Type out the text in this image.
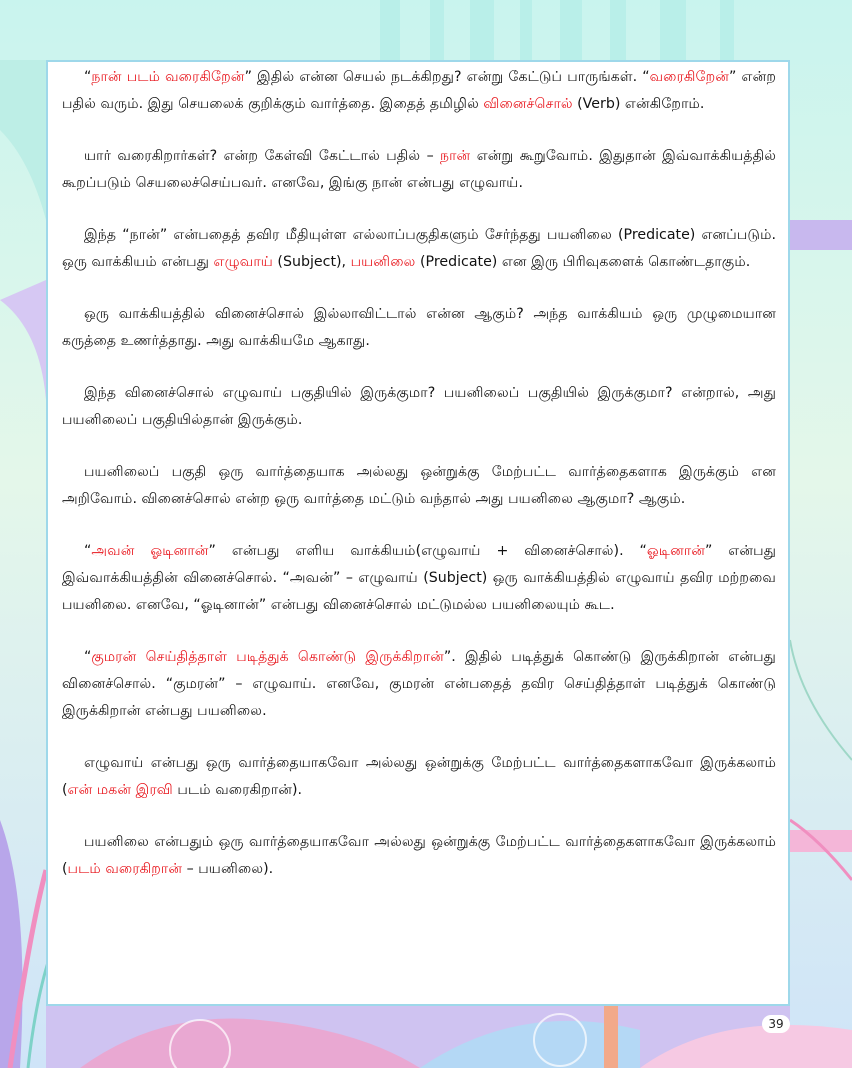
“நான் படம் வரைகிறேன்” இதில் என்ன செயல் நடக்கிறது? என்று கேட்டுப் பாருங்கள். “வரைகிறேன்” என்ற பதில் வரும். இது செயலைக் குறிக்கும் வார்த்தை. இதைத் தமிழில் வினைச்சொல் (Verb) என்கிறோம்.

யார் வரைகிறார்கள்? என்ற கேள்வி கேட்டால் பதில் – நான் என்று கூறுவோம். இதுதான் இவ்வாக்கியத்தில் கூறப்படும் செயலைச்செய்பவர். எனவே, இங்கு நான் என்பது எழுவாய்.

இந்த “நான்” என்பதைத் தவிர மீதியுள்ள எல்லாப்பகுதிகளும் சேர்ந்தது பயனிலை (Predicate) எனப்படும். ஒரு வாக்கியம் என்பது எழுவாய் (Subject), பயனிலை (Predicate) என இரு பிரிவுகளைக் கொண்டதாகும்.

ஒரு வாக்கியத்தில் வினைச்சொல் இல்லாவிட்டால் என்ன ஆகும்? அந்த வாக்கியம் ஒரு முழுமையான கருத்தை உணர்த்தாது. அது வாக்கியமே ஆகாது.

இந்த வினைச்சொல் எழுவாய் பகுதியில் இருக்குமா? பயனிலைப் பகுதியில் இருக்குமா? என்றால், அது பயனிலைப் பகுதியில்தான் இருக்கும்.

பயனிலைப் பகுதி ஒரு வார்த்தையாக அல்லது ஒன்றுக்கு மேற்பட்ட வார்த்தைகளாக இருக்கும் என அறிவோம். வினைச்சொல் என்ற ஒரு வார்த்தை மட்டும் வந்தால் அது பயனிலை ஆகுமா? ஆகும்.

“அவன் ஓடினான்” என்பது எளிய வாக்கியம்(எழுவாய் + வினைச்சொல்). “ஓடினான்” என்பது இவ்வாக்கியத்தின் வினைச்சொல். “அவன்” – எழுவாய் (Subject) ஒரு வாக்கியத்தில் எழுவாய் தவிர மற்றவை பயனிலை. எனவே, “ஓடினான்” என்பது வினைச்சொல் மட்டுமல்ல பயனிலையும் கூட.

“குமரன் செய்தித்தாள் படித்துக் கொண்டு இருக்கிறான்”. இதில் படித்துக் கொண்டு இருக்கிறான் என்பது வினைச்சொல். “குமரன்” – எழுவாய். எனவே, குமரன் என்பதைத் தவிர செய்தித்தாள் படித்துக் கொண்டு இருக்கிறான் என்பது பயனிலை.

எழுவாய் என்பது ஒரு வார்த்தையாகவோ அல்லது ஒன்றுக்கு மேற்பட்ட வார்த்தைகளாகவோ இருக்கலாம் (என் மகன் இரவி படம் வரைகிறான்).

பயனிலை என்பதும் ஒரு வார்த்தையாகவோ அல்லது ஒன்றுக்கு மேற்பட்ட வார்த்தைகளாகவோ இருக்கலாம் (படம் வரைகிறான் – பயனிலை).

39
